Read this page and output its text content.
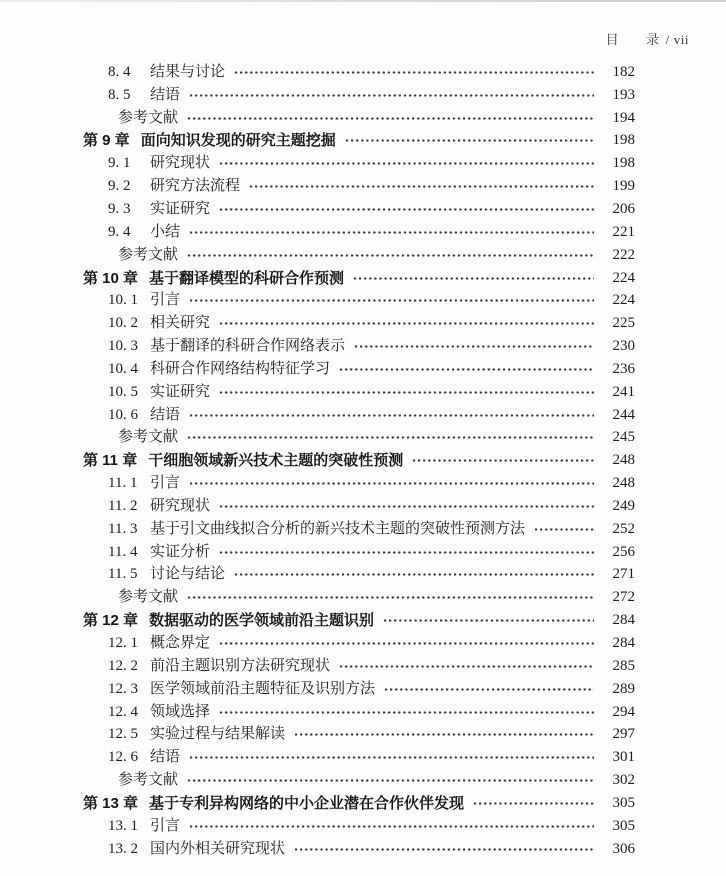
目　　录 / vii

8. 4	结果与讨论	182
8. 5	结语	193
参考文献	194
第 9 章 面向知识发现的研究主题挖掘	198
9. 1	研究现状	198
9. 2	研究方法流程	199
9. 3	实证研究	206
9. 4	小结	221
参考文献	222
第 10 章 基于翻译模型的科研合作预测	224
10. 1 引言	224
10. 2 相关研究	225
10. 3 基于翻译的科研合作网络表示	230
10. 4 科研合作网络结构特征学习	236
10. 5 实证研究	241
10. 6 结语	244
参考文献	245
第 11 章 干细胞领域新兴技术主题的突破性预测	248
11. 1 引言	248
11. 2 研究现状	249
11. 3 基于引文曲线拟合分析的新兴技术主题的突破性预测方法	252
11. 4 实证分析	256
11. 5 讨论与结论	271
参考文献	272
第 12 章 数据驱动的医学领域前沿主题识别	284
12. 1 概念界定	284
12. 2 前沿主题识别方法研究现状	285
12. 3 医学领域前沿主题特征及识别方法	289
12. 4 领域选择	294
12. 5 实验过程与结果解读	297
12. 6 结语	301
参考文献	302
第 13 章 基于专利异构网络的中小企业潜在合作伙伴发现	305
13. 1 引言	305
13. 2 国内外相关研究现状	306
